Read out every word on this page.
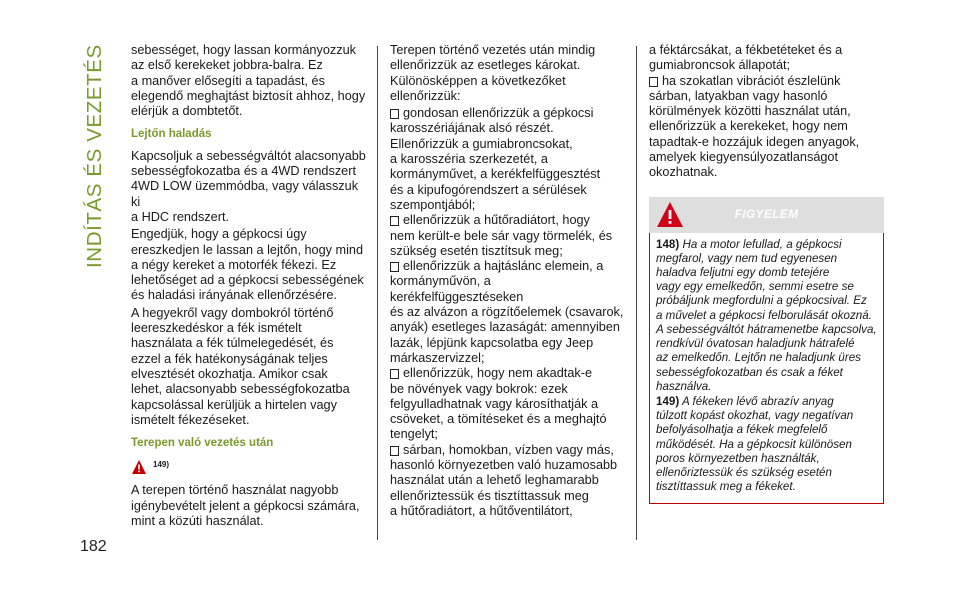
INDÍTÁS ÉS VEZETÉS
182
sebességet, hogy lassan kormányozzuk
az első kerekeket jobbra-balra. Ez
a manőver elősegíti a tapadást, és
elegendő meghajtást biztosít ahhoz, hogy
elérjük a dombtetőt.
Lejtőn haladás
Kapcsoljuk a sebességváltót alacsonyabb
sebességfokozatba és a 4WD rendszert
4WD LOW üzemmódba, vagy válasszuk ki
a HDC rendszert.
Engedjük, hogy a gépkocsi úgy
ereszkedjen le lassan a lejtőn, hogy mind
a négy kereket a motorfék fékezi. Ez
lehetőséget ad a gépkocsi sebességének
és haladási irányának ellenőrzésére.
A hegyekről vagy dombokról történő
leereszkedéskor a fék ismételt
használata a fék túlmelegedését, és
ezzel a fék hatékonyságának teljes
elvesztését okozhatja. Amikor csak
lehet, alacsonyabb sebességfokozatba
kapcsolással kerüljük a hirtelen vagy
ismételt fékezéseket.
Terepen való vezetés után
149)
A terepen történő használat nagyobb
igénybevételt jelent a gépkocsi számára,
mint a közúti használat.
Terepen történő vezetés után mindig
ellenőrizzük az esetleges károkat.
Különösképpen a következőket
ellenőrizzük:
gondosan ellenőrizzük a gépkocsi
karosszériájának alsó részét.
Ellenőrizzük a gumiabroncsokat,
a karosszéria szerkezetét, a
kormányművet, a kerékfelfüggesztést
és a kipufogórendszert a sérülések
szempontjából;
ellenőrizzük a hűtőradiátort, hogy
nem került-e bele sár vagy törmelék, és
szükség esetén tisztítsuk meg;
ellenőrizzük a hajtáslánc elemein, a
kormányművön, a kerékfelfüggesztéseken
és az alvázon a rögzítőelemek (csavarok,
anyák) esetleges lazaságát: amennyiben
lazák, lépjünk kapcsolatba egy Jeep
márkaszervizzel;
ellenőrizzük, hogy nem akadtak-e
be növények vagy bokrok: ezek
felgyulladhatnak vagy károsíthatják a
csöveket, a tömítéseket és a meghajtó
tengelyt;
sárban, homokban, vízben vagy más,
hasonló környezetben való huzamosabb
használat után a lehető leghamarabb
ellenőriztessük és tisztíttassuk meg
a hűtőradiátort, a hűtőventilátort,
a féktárcsákat, a fékbetéteket és a
gumiabroncsok állapotát;
ha szokatlan vibrációt észlelünk
sárban, latyakban vagy hasonló
körülmények közötti használat után,
ellenőrizzük a kerekeket, hogy nem
tapadtak-e hozzájuk idegen anyagok,
amelyek kiegyensúlyozatlanságot
okozhatnak.
FIGYELEM
148) Ha a motor lefullad, a gépkocsi
megfarol, vagy nem tud egyenesen
haladva feljutni egy domb tetejére
vagy egy emelkedőn, semmi esetre se
próbáljunk megfordulni a gépkocsival. Ez
a művelet a gépkocsi felborulását okozná.
A sebességváltót hátramenetbe kapcsolva,
rendkívül óvatosan haladjunk hátrafelé
az emelkedőn. Lejtőn ne haladjunk üres
sebességfokozatban és csak a féket
használva.
149) A fékeken lévő abrazív anyag
túlzott kopást okozhat, vagy negatívan
befolyásolhatja a fékek megfelelő
működését. Ha a gépkocsit különösen
poros környezetben használták,
ellenőriztessük és szükség esetén
tisztíttassuk meg a fékeket.
